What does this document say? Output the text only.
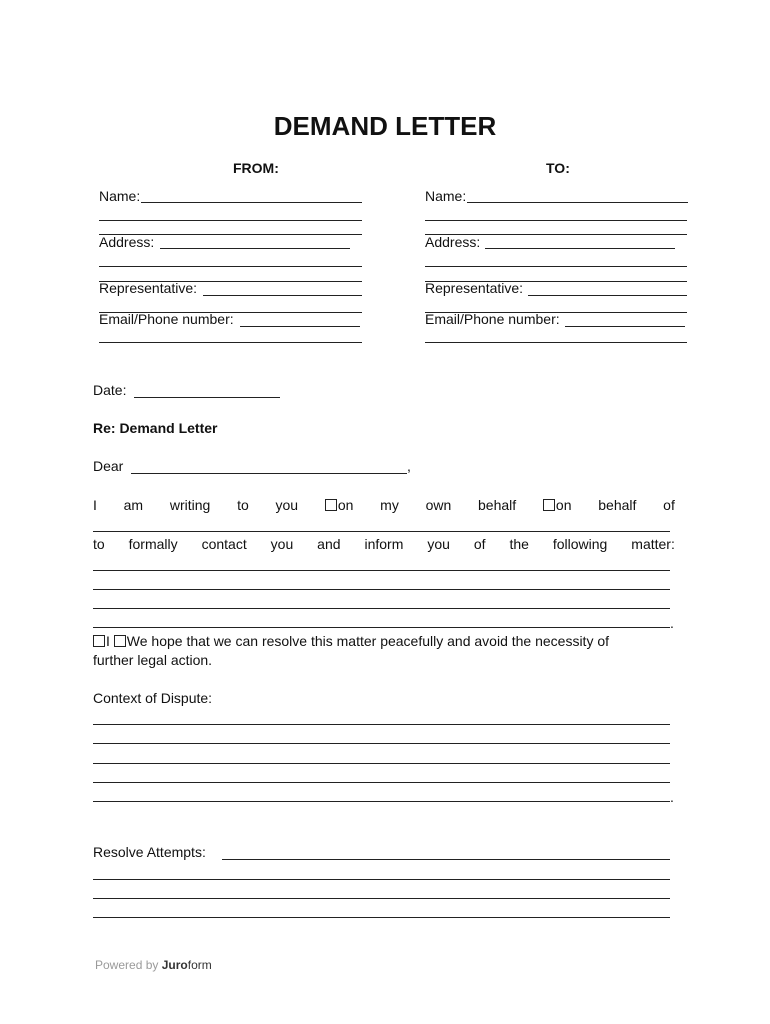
DEMAND LETTER
FROM:
Name:
Address:
Representative:
Email/Phone number:
TO:
Name:
Address:
Representative:
Email/Phone number:
Date:
Re: Demand Letter
Dear	,
I am writing to you	on my own behalf	on behalf of
to formally contact you and inform you of the following matter:
.
I We hope that we can resolve this matter peacefully and avoid the necessity of
further legal action.
Context of Dispute:
.
Resolve Attempts:
Powered by Juroform
